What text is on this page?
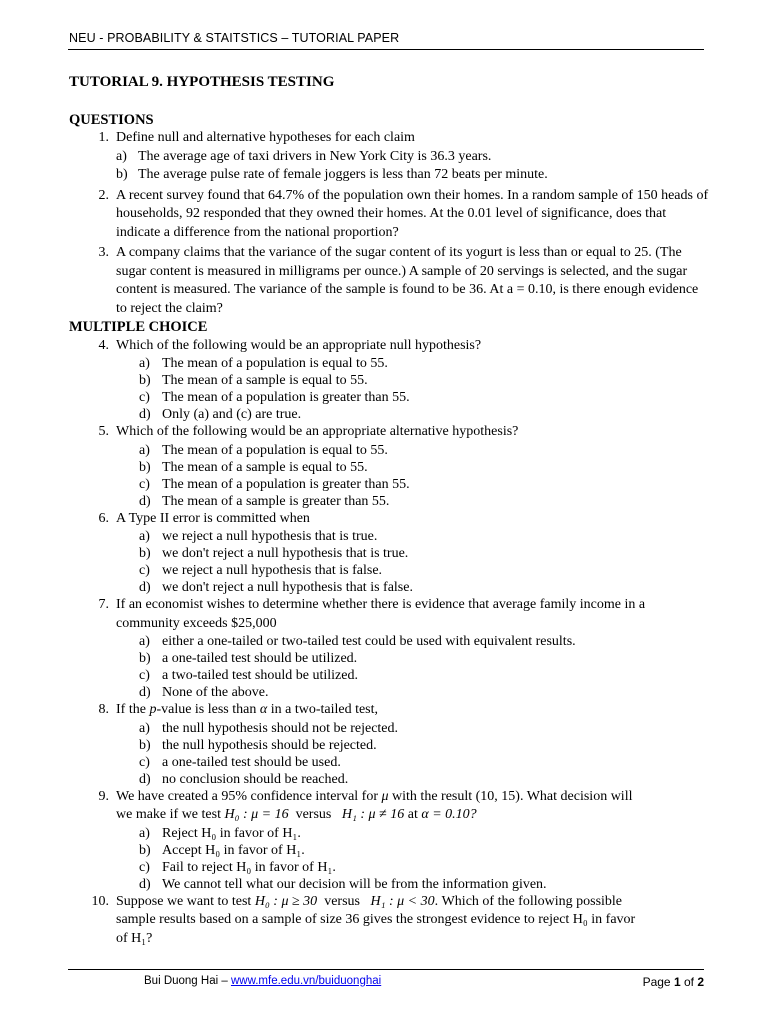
NEU - PROBABILITY & STAITSTICS – TUTORIAL PAPER
TUTORIAL 9. HYPOTHESIS TESTING
QUESTIONS
1. Define null and alternative hypotheses for each claim
a) The average age of taxi drivers in New York City is 36.3 years.
b) The average pulse rate of female joggers is less than 72 beats per minute.
2. A recent survey found that 64.7% of the population own their homes. In a random sample of 150 heads of households, 92 responded that they owned their homes. At the 0.01 level of significance, does that indicate a difference from the national proportion?
3. A company claims that the variance of the sugar content of its yogurt is less than or equal to 25. (The sugar content is measured in milligrams per ounce.) A sample of 20 servings is selected, and the sugar content is measured. The variance of the sample is found to be 36. At a = 0.10, is there enough evidence to reject the claim?
MULTIPLE CHOICE
4. Which of the following would be an appropriate null hypothesis?
a) The mean of a population is equal to 55.
b) The mean of a sample is equal to 55.
c) The mean of a population is greater than 55.
d) Only (a) and (c) are true.
5. Which of the following would be an appropriate alternative hypothesis?
a) The mean of a population is equal to 55.
b) The mean of a sample is equal to 55.
c) The mean of a population is greater than 55.
d) The mean of a sample is greater than 55.
6. A Type II error is committed when
a) we reject a null hypothesis that is true.
b) we don't reject a null hypothesis that is true.
c) we reject a null hypothesis that is false.
d) we don't reject a null hypothesis that is false.
7. If an economist wishes to determine whether there is evidence that average family income in a community exceeds $25,000
a) either a one-tailed or two-tailed test could be used with equivalent results.
b) a one-tailed test should be utilized.
c) a two-tailed test should be utilized.
d) None of the above.
8. If the p-value is less than α in a two-tailed test,
a) the null hypothesis should not be rejected.
b) the null hypothesis should be rejected.
c) a one-tailed test should be used.
d) no conclusion should be reached.
9. We have created a 95% confidence interval for μ with the result (10, 15). What decision will
we make if we test H₀ : μ = 16 versus H₁ : μ ≠ 16 at α = 0.10?
a) Reject H₀ in favor of H₁.
b) Accept H₀ in favor of H₁.
c) Fail to reject H₀ in favor of H₁.
d) We cannot tell what our decision will be from the information given.
10. Suppose we want to test H₀ : μ ≥ 30 versus H₁ : μ < 30. Which of the following possible
sample results based on a sample of size 36 gives the strongest evidence to reject H₀ in favor
of H₁?
Bui Duong Hai – www.mfe.edu.vn/buiduonghai	Page 1 of 2
